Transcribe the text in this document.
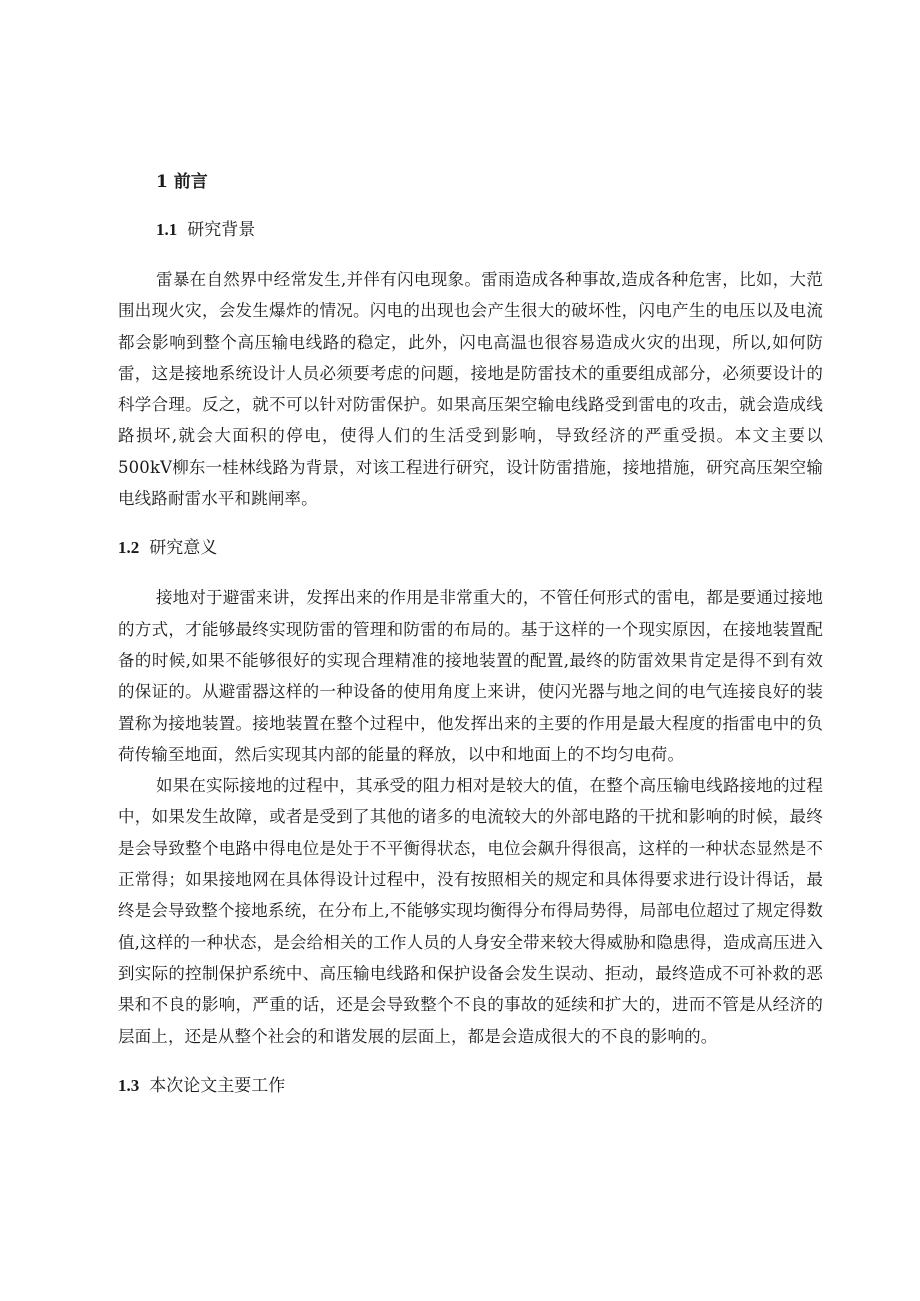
1 前言

1.1 研究背景

雷暴在自然界中经常发生,并伴有闪电现象。雷雨造成各种事故,造成各种危害，比如，大范围出现火灾，会发生爆炸的情况。闪电的出现也会产生很大的破坏性，闪电产生的电压以及电流都会影响到整个高压输电线路的稳定，此外，闪电高温也很容易造成火灾的出现，所以,如何防雷，这是接地系统设计人员必须要考虑的问题，接地是防雷技术的重要组成部分，必须要设计的科学合理。反之，就不可以针对防雷保护。如果高压架空输电线路受到雷电的攻击，就会造成线路损坏,就会大面积的停电，使得人们的生活受到影响，导致经济的严重受损。本文主要以500kV柳东一桂林线路为背景，对该工程进行研究，设计防雷措施，接地措施，研究高压架空输电线路耐雷水平和跳闸率。

1.2 研究意义

接地对于避雷来讲，发挥出来的作用是非常重大的，不管任何形式的雷电，都是要通过接地的方式，才能够最终实现防雷的管理和防雷的布局的。基于这样的一个现实原因，在接地装置配备的时候,如果不能够很好的实现合理精准的接地装置的配置,最终的防雷效果肯定是得不到有效的保证的。从避雷器这样的一种设备的使用角度上来讲，使闪光器与地之间的电气连接良好的装置称为接地装置。接地装置在整个过程中，他发挥出来的主要的作用是最大程度的指雷电中的负荷传输至地面，然后实现其内部的能量的释放，以中和地面上的不均匀电荷。

如果在实际接地的过程中，其承受的阻力相对是较大的值，在整个高压输电线路接地的过程中，如果发生故障，或者是受到了其他的诸多的电流较大的外部电路的干扰和影响的时候，最终是会导致整个电路中得电位是处于不平衡得状态，电位会飙升得很高，这样的一种状态显然是不正常得；如果接地网在具体得设计过程中，没有按照相关的规定和具体得要求进行设计得话，最终是会导致整个接地系统，在分布上,不能够实现均衡得分布得局势得，局部电位超过了规定得数值,这样的一种状态，是会给相关的工作人员的人身安全带来较大得威胁和隐患得，造成高压进入到实际的控制保护系统中、高压输电线路和保护设备会发生误动、拒动，最终造成不可补救的恶果和不良的影响，严重的话，还是会导致整个不良的事故的延续和扩大的，进而不管是从经济的层面上，还是从整个社会的和谐发展的层面上，都是会造成很大的不良的影响的。

1.3 本次论文主要工作
